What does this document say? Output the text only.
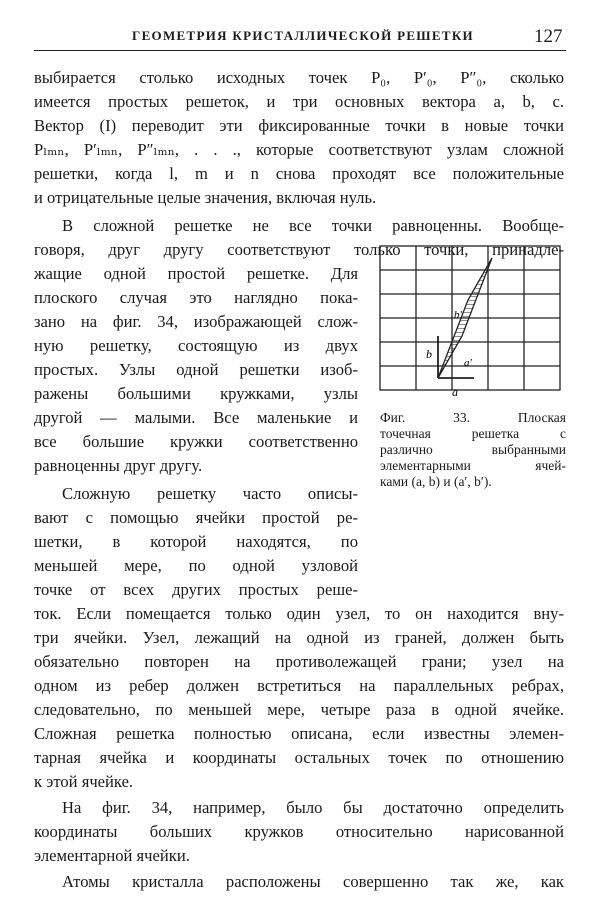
ГЕОМЕТРИЯ КРИСТАЛЛИЧЕСКОЙ РЕШЕТКИ	127
выбирается столько исходных точек P₀, P′₀, P″₀, сколько
имеется простых решеток, и три основных вектора a, b, c.
Вектор (I) переводит эти фиксированные точки в новые точки
Pₗₘₙ, P′ₗₘₙ, P″ₗₘₙ, . . ., которые соответствуют узлам сложной
решетки, когда l, m и n снова проходят все положительные
и отрицательные целые значения, включая нуль.
В сложной решетке не все точки равноценны. Вообще-
говоря, друг другу соответствуют только точки, принадле-
жащие одной простой решетке. Для
плоского случая это наглядно пока-
зано на фиг. 34, изображающей слож-
ную решетку, состоящую из двух
простых. Узлы одной решетки изоб-
ражены большими кружками, узлы
другой — малыми. Все маленькие и
все большие кружки соответственно
равноценны друг другу.
Сложную решетку часто описы-
вают с помощью ячейки простой ре-
шетки, в которой находятся, по
меньшей мере, по одной узловой
точке от всех других простых реше-
ток. Если помещается только один узел, то он находится вну-
три ячейки. Узел, лежащий на одной из граней, должен быть
обязательно повторен на противолежащей грани; узел на
одном из ребер должен встретиться на параллельных ребрах,
следовательно, по меньшей мере, четыре раза в одной ячейке.
Сложная решетка полностью описана, если известны элемен-
тарная ячейка и координаты остальных точек по отношению
к этой ячейке.
На фиг. 34, например, было бы достаточно определить
координаты больших кружков относительно нарисованной
элементарной ячейки.
Атомы кристалла расположены совершенно так же, как
a
b
a′
b′
Фиг. 33. Плоская
точечная решетка с
различно выбранными
элементарными ячей-
ками (a, b) и (a′, b′).
